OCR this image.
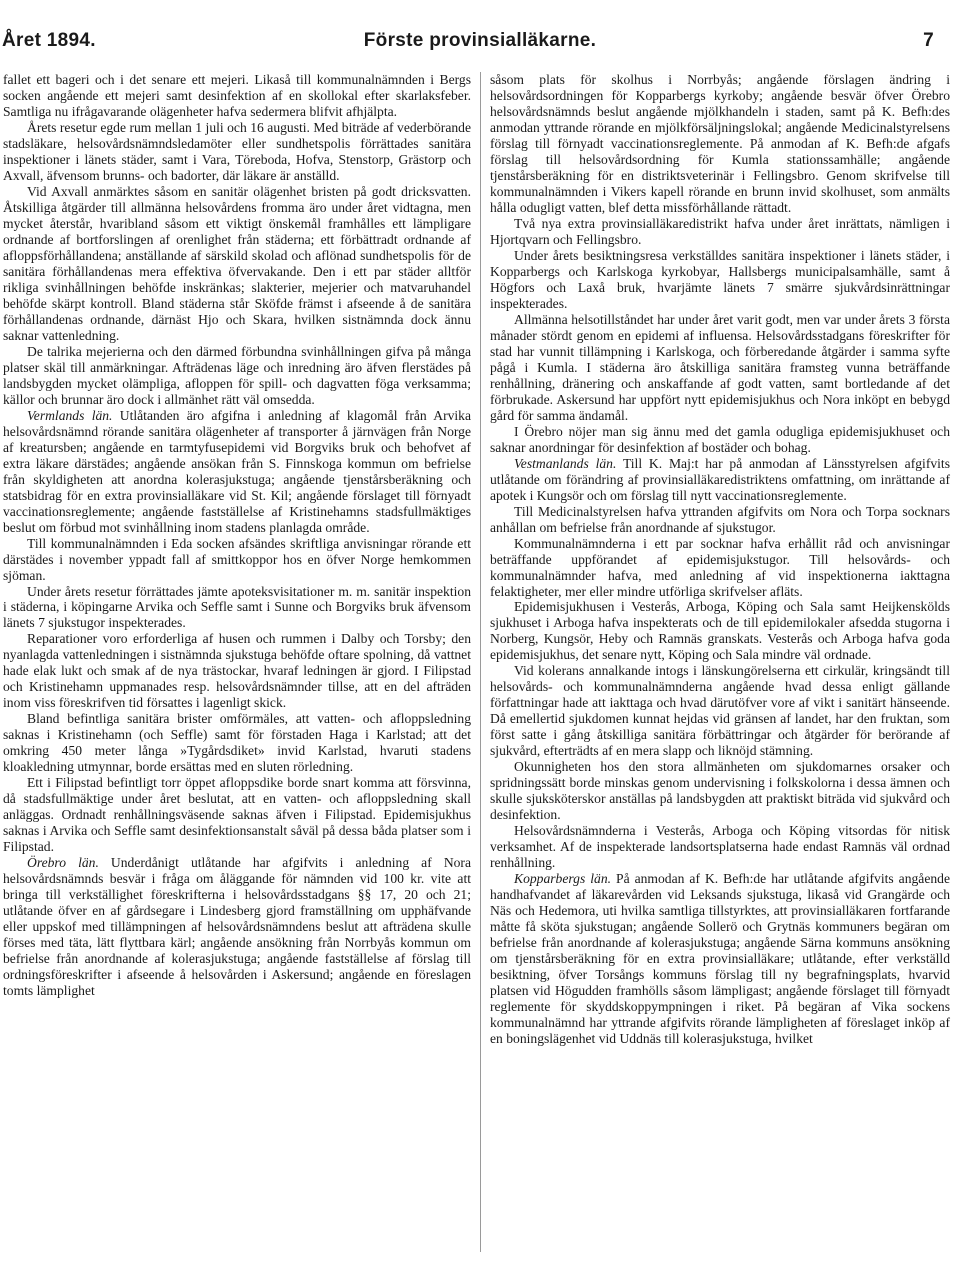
Året 1894.	Förste provinsialläkarne.	7

fallet ett bageri och i det senare ett mejeri. Likaså till kommunalnämnden i Bergs socken angående ett mejeri samt desinfektion af en skollokal efter skarlaksfeber. Samtliga nu ifrågavarande olägenheter hafva sedermera blifvit afhjälpta.

Årets resetur egde rum mellan 1 juli och 16 augusti. Med biträde af vederbörande stadsläkare, helsovårdsnämndsledamöter eller sundhetspolis förrättades sanitära inspektioner i länets städer, samt i Vara, Töreboda, Hofva, Stenstorp, Grästorp och Axvall, äfvensom brunns- och badorter, där läkare är anställd.

Vid Axvall anmärktes såsom en sanitär olägenhet bristen på godt dricksvatten. Åtskilliga åtgärder till allmänna helsovårdens fromma äro under året vidtagna, men mycket återstår, hvaribland såsom ett viktigt önskemål framhålles ett lämpligare ordnande af bortforslingen af orenlighet från städerna; ett förbättradt ordnande af afloppsförhållandena; anställande af särskild skolad och aflönad sundhetspolis för de sanitära förhållandenas mera effektiva öfvervakande. Den i ett par städer alltför rikliga svinhållningen behöfde inskränkas; slakterier, mejerier och matvaruhandel behöfde skärpt kontroll. Bland städerna står Sköfde främst i afseende å de sanitära förhållandenas ordnande, därnäst Hjo och Skara, hvilken sistnämnda dock ännu saknar vattenledning.

De talrika mejerierna och den därmed förbundna svinhållningen gifva på många platser skäl till anmärkningar. Afträdenas läge och inredning äro äfven flerstädes på landsbygden mycket olämpliga, afloppen för spill- och dagvatten föga verksamma; källor och brunnar äro dock i allmänhet rätt väl omsedda.

Vermlands län. Utlåtanden äro afgifna i anledning af klagomål från Arvika helsovårdsnämnd rörande sanitära olägenheter af transporter å järnvägen från Norge af kreatursben; angående en tarmtyfusepidemi vid Borgviks bruk och behofvet af extra läkare därstädes; angående ansökan från S. Finnskoga kommun om befrielse från skyldigheten att anordna kolerasjukstuga; angående tjenstårsberäkning och statsbidrag för en extra provinsialläkare vid St. Kil; angående förslaget till förnyadt vaccinationsreglemente; angående fastställelse af Kristinehamns stadsfullmäktiges beslut om förbud mot svinhållning inom stadens planlagda område.

Till kommunalnämnden i Eda socken afsändes skriftliga anvisningar rörande ett därstädes i november yppadt fall af smittkoppor hos en öfver Norge hemkommen sjöman.

Under årets resetur förrättades jämte apoteksvisitationer m. m. sanitär inspektion i städerna, i köpingarne Arvika och Seffle samt i Sunne och Borgviks bruk äfvensom länets 7 sjukstugor inspekterades.

Reparationer voro erforderliga af husen och rummen i Dalby och Torsby; den nyanlagda vattenledningen i sistnämnda sjukstuga behöfde oftare spolning, då vattnet hade elak lukt och smak af de nya trästockar, hvaraf ledningen är gjord. I Filipstad och Kristinehamn uppmanades resp. helsovårdsnämnder tillse, att en del afträden inom viss föreskrifven tid försattes i lagenligt skick.

Bland befintliga sanitära brister omförmäles, att vatten- och afloppsledning saknas i Kristinehamn (och Seffle) samt för förstaden Haga i Karlstad; att det omkring 450 meter långa »Tygårdsdiket» invid Karlstad, hvaruti stadens kloakledning utmynnar, borde ersättas med en sluten rörledning.

Ett i Filipstad befintligt torr öppet afloppsdike borde snart komma att försvinna, då stadsfullmäktige under året beslutat, att en vatten- och afloppsledning skall anläggas. Ordnadt renhållningsväsende saknas äfven i Filipstad. Epidemisjukhus saknas i Arvika och Seffle samt desinfektionsanstalt såväl på dessa båda platser som i Filipstad.

Örebro län. Underdånigt utlåtande har afgifvits i anledning af Nora helsovårdsnämnds besvär i fråga om åläggande för nämnden vid 100 kr. vite att bringa till verkställighet föreskrifterna i helsovårdsstadgans §§ 17, 20 och 21; utlåtande öfver en af gårdsegare i Lindesberg gjord framställning om upphäfvande eller uppskof med tillämpningen af helsovårdsnämndens beslut att afträdena skulle förses med täta, lätt flyttbara kärl; angående ansökning från Norrbyås kommun om befrielse från anordnande af kolerasjukstuga; angående fastställelse af förslag till ordningsföreskrifter i afseende å helsovården i Askersund; angående en föreslagen tomts lämplighet

såsom plats för skolhus i Norrbyås; angående förslagen ändring i helsovårdsordningen för Kopparbergs kyrkoby; angående besvär öfver Örebro helsovårdsnämnds beslut angående mjölkhandeln i staden, samt på K. Befh:des anmodan yttrande rörande en mjölkförsäljningslokal; angående Medicinalstyrelsens förslag till förnyadt vaccinationsreglemente. På anmodan af K. Befh:de afgafs förslag till helsovårdsordning för Kumla stationssamhälle; angående tjenstårsberäkning för en distriktsveterinär i Fellingsbro. Genom skrifvelse till kommunalnämnden i Vikers kapell rörande en brunn invid skolhuset, som anmälts hålla odugligt vatten, blef detta missförhållande rättadt.

Två nya extra provinsialläkaredistrikt hafva under året inrättats, nämligen i Hjortqvarn och Fellingsbro.

Under årets besiktningsresa verkställdes sanitära inspektioner i länets städer, i Kopparbergs och Karlskoga kyrkobyar, Hallsbergs municipalsamhälle, samt å Högfors och Laxå bruk, hvarjämte länets 7 smärre sjukvårdsinrättningar inspekterades.

Allmänna helsotillståndet har under året varit godt, men var under årets 3 första månader stördt genom en epidemi af influensa. Helsovårdsstadgans föreskrifter för stad har vunnit tillämpning i Karlskoga, och förberedande åtgärder i samma syfte pågå i Kumla. I städerna äro åtskilliga sanitära framsteg vunna beträffande renhållning, dränering och anskaffande af godt vatten, samt bortledande af det förbrukade. Askersund har uppfört nytt epidemisjukhus och Nora inköpt en bebygd gård för samma ändamål.

I Örebro nöjer man sig ännu med det gamla odugliga epidemisjukhuset och saknar anordningar för desinfektion af bostäder och bohag.

Vestmanlands län. Till K. Maj:t har på anmodan af Länsstyrelsen afgifvits utlåtande om förändring af provinsialläkaredistriktens omfattning, om inrättande af apotek i Kungsör och om förslag till nytt vaccinationsreglemente.

Till Medicinalstyrelsen hafva yttranden afgifvits om Nora och Torpa socknars anhållan om befrielse från anordnande af sjukstugor.

Kommunalnämnderna i ett par socknar hafva erhållit råd och anvisningar beträffande uppförandet af epidemisjukstugor. Till helsovårds- och kommunalnämnder hafva, med anledning af vid inspektionerna iakttagna felaktigheter, mer eller mindre utförliga skrifvelser afläts.

Epidemisjukhusen i Vesterås, Arboga, Köping och Sala samt Heijkenskölds sjukhuset i Arboga hafva inspekterats och de till epidemilokaler afsedda stugorna i Norberg, Kungsör, Heby och Ramnäs granskats. Vesterås och Arboga hafva goda epidemisjukhus, det senare nytt, Köping och Sala mindre väl ordnade.

Vid kolerans annalkande intogs i länskungörelserna ett cirkulär, kringsändt till helsovårds- och kommunalnämnderna angående hvad dessa enligt gällande författningar hade att iakttaga och hvad därutöfver vore af vikt i sanitärt hänseende. Då emellertid sjukdomen kunnat hejdas vid gränsen af landet, har den fruktan, som först satte i gång åtskilliga sanitära förbättringar och åtgärder för berörande af sjukvård, efterträdts af en mera slapp och liknöjd stämning.

Okunnigheten hos den stora allmänheten om sjukdomarnes orsaker och spridningssätt borde minskas genom undervisning i folkskolorna i dessa ämnen och skulle sjuksköterskor anställas på landsbygden att praktiskt biträda vid sjukvård och desinfektion.

Helsovårdsnämnderna i Vesterås, Arboga och Köping vitsordas för nitisk verksamhet. Af de inspekterade landsortsplatserna hade endast Ramnäs väl ordnad renhållning.

Kopparbergs län. På anmodan af K. Befh:de har utlåtande afgifvits angående handhafvandet af läkarevården vid Leksands sjukstuga, likaså vid Grangärde och Näs och Hedemora, uti hvilka samtliga tillstyrktes, att provinsialläkaren fortfarande måtte få sköta sjukstugan; angående Sollerö och Grytnäs kommuners begäran om befrielse från anordnande af kolerasjukstuga; angående Särna kommuns ansökning om tjenstårsberäkning för en extra provinsialläkare; utlåtande, efter verkställd besiktning, öfver Torsångs kommuns förslag till ny begrafningsplats, hvarvid platsen vid Högudden framhölls såsom lämpligast; angående förslaget till förnyadt reglemente för skyddskoppympningen i riket. På begäran af Vika sockens kommunalnämnd har yttrande afgifvits rörande lämpligheten af föreslaget inköp af en boningslägenhet vid Uddnäs till kolerasjukstuga, hvilket
